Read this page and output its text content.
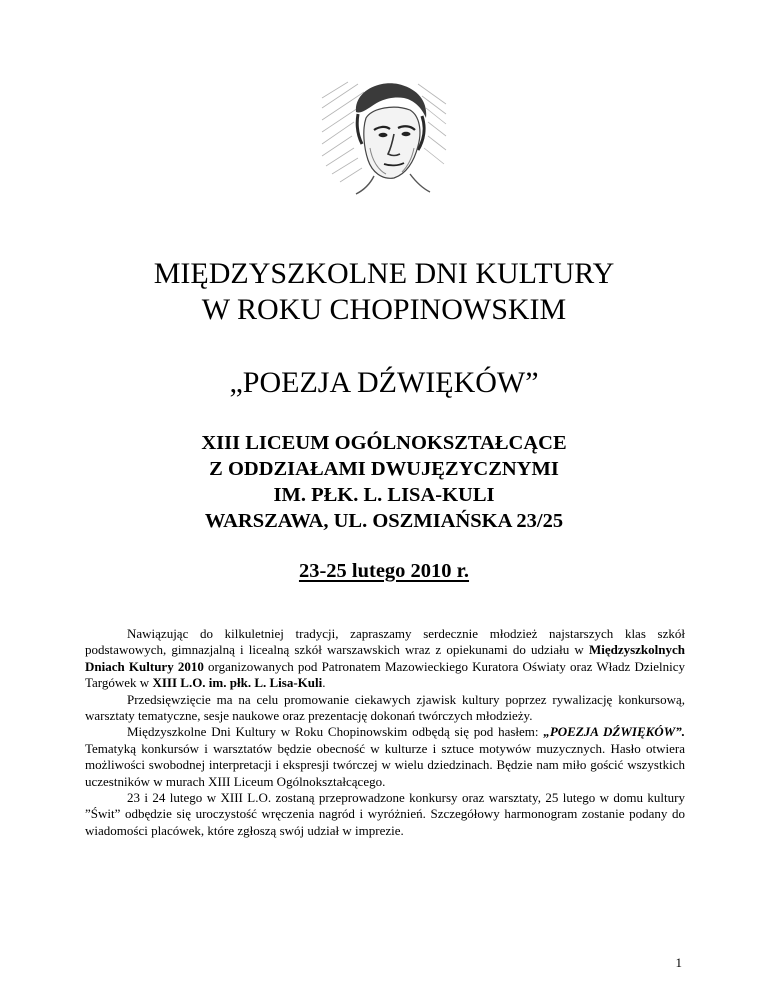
MIĘDZYSZKOLNE DNI KULTURY
W ROKU CHOPINOWSKIM
„POEZJA DŹWIĘKÓW”
XIII LICEUM OGÓLNOKSZTAŁCĄCE
Z ODDZIAŁAMI DWUJĘZYCZNYMI
IM. PŁK. L. LISA-KULI
WARSZAWA, UL. OSZMIAŃSKA 23/25
23-25 lutego 2010 r.

Nawiązując do kilkuletniej tradycji, zapraszamy serdecznie młodzież najstarszych klas szkół podstawowych, gimnazjalną i licealną szkół warszawskich wraz z opiekunami do udziału w Międzyszkolnych Dniach Kultury 2010 organizowanych pod Patronatem Mazowieckiego Kuratora Oświaty oraz Władz Dzielnicy Targówek w XIII L.O. im. płk. L. Lisa-Kuli.

Przedsięwzięcie ma na celu promowanie ciekawych zjawisk kultury poprzez rywalizację konkursową, warsztaty tematyczne, sesje naukowe oraz prezentację dokonań twórczych młodzieży.

Międzyszkolne Dni Kultury w Roku Chopinowskim odbędą się pod hasłem: „POEZJA DŹWIĘKÓW”. Tematyką konkursów i warsztatów będzie obecność w kulturze i sztuce motywów muzycznych. Hasło otwiera możliwości swobodnej interpretacji i ekspresji twórczej w wielu dziedzinach. Będzie nam miło gościć wszystkich uczestników w murach XIII Liceum Ogólnokształcącego.

23 i 24 lutego w XIII L.O. zostaną przeprowadzone konkursy oraz warsztaty, 25 lutego w domu kultury ”Świt” odbędzie się uroczystość wręczenia nagród i wyróżnień. Szczegółowy harmonogram zostanie podany do wiadomości placówek, które zgłoszą swój udział w imprezie.

1
